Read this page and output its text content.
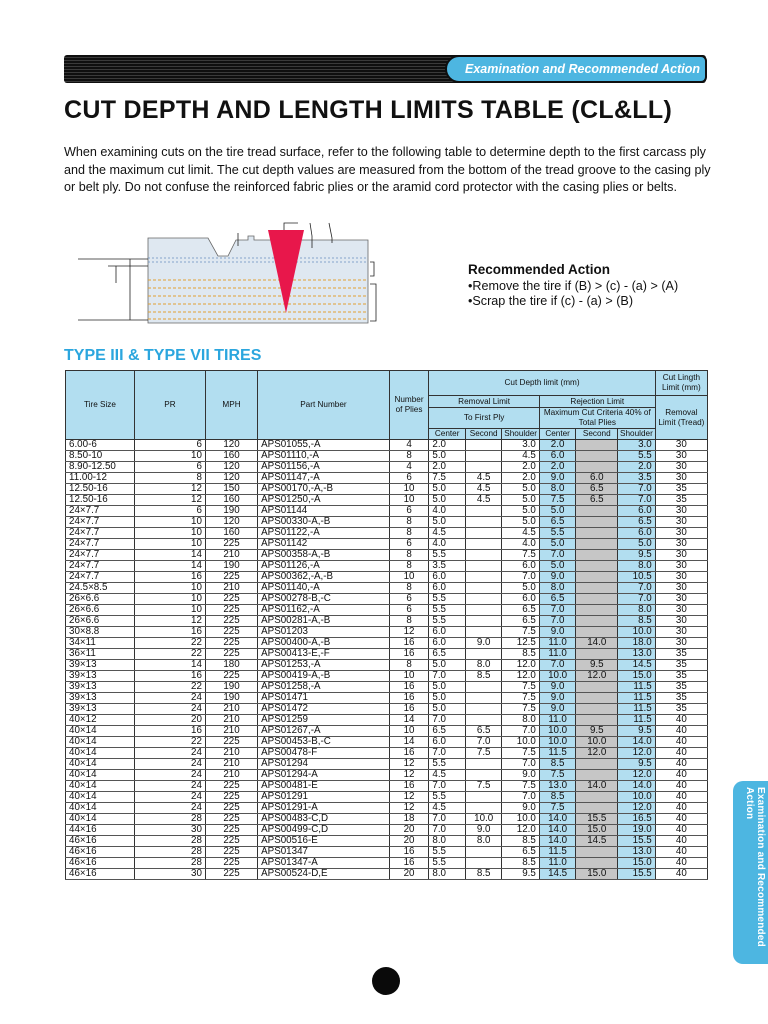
Examination and Recommended Action
CUT DEPTH AND LENGTH LIMITS TABLE (CL&LL)

When examining cuts on the tire tread surface, refer to the following table to determine depth to the first carcass ply and the maximum cut limit. The cut depth values are measured from the bottom of the tread groove to the casing ply or belt ply. Do not confuse the reinforced fabric plies or the aramid cord protector with the casing plies or belts.

Recommended Action
•Remove the tire if (B) > (c) - (a) > (A)
•Scrap the tire if (c) - (a) > (B)
TYPE III & TYPE VII TIRES
Tire Size	PR	MPH	Part Number	Number of Plies	Cut Depth limit (mm)						Cut Lingth Limit (mm)
					Removal Limit			Rejection Limit			Removal Limit (Tread)
					To First Ply			Maximum Cut Criteria 40% of Total Plies			
					Center	Second	Shoulder	Center	Second	Shoulder	
6.00-6	6	120	APS01055,-A	4	2.0		3.0	2.0		3.0	30
8.50-10	10	160	APS01110,-A	8	5.0		4.5	6.0		5.5	30
8.90-12.50	6	120	APS01156,-A	4	2.0		2.0	2.0		2.0	30
11.00-12	8	120	APS01147,-A	6	7.5	4.5	2.0	9.0	6.0	3.5	30
12.50-16	12	150	APS00170,-A,-B	10	5.0	4.5	5.0	8.0	6.5	7.0	35
12.50-16	12	160	APS01250,-A	10	5.0	4.5	5.0	7.5	6.5	7.0	35
24×7.7	6	190	APS01144	6	4.0		5.0	5.0		6.0	30
24×7.7	10	120	APS00330-A,-B	8	5.0		5.0	6.5		6.5	30
24×7.7	10	160	APS01122,-A	8	4.5		4.5	5.5		6.0	30
24×7.7	10	225	APS01142	6	4.0		4.0	5.0		5.0	30
24×7.7	14	210	APS00358-A,-B	8	5.5		7.5	7.0		9.5	30
24×7.7	14	190	APS01126,-A	8	3.5		6.0	5.0		8.0	30
24×7.7	16	225	APS00362,-A,-B	10	6.0		7.0	9.0		10.5	30
24.5×8.5	10	210	APS01140,-A	8	6.0		5.0	8.0		7.0	30
26×6.6	10	225	APS00278-B,-C	6	5.5		6.0	6.5		7.0	30
26×6.6	10	225	APS01162,-A	6	5.5		6.5	7.0		8.0	30
26×6.6	12	225	APS00281-A,-B	8	5.5		6.5	7.0		8.5	30
30×8.8	16	225	APS01203	12	6.0		7.5	9.0		10.0	30
34×11	22	225	APS00400-A,-B	16	6.0	9.0	12.5	11.0	14.0	18.0	30
36×11	22	225	APS00413-E,-F	16	6.5		8.5	11.0		13.0	35
39×13	14	180	APS01253,-A	8	5.0	8.0	12.0	7.0	9.5	14.5	35
39×13	16	225	APS00419-A,-B	10	7.0	8.5	12.0	10.0	12.0	15.0	35
39×13	22	190	APS01258,-A	16	5.0		7.5	9.0		11.5	35
39×13	24	190	APS01471	16	5.0		7.5	9.0		11.5	35
39×13	24	210	APS01472	16	5.0		7.5	9.0		11.5	35
40×12	20	210	APS01259	14	7.0		8.0	11.0		11.5	40
40×14	16	210	APS01267,-A	10	6.5	6.5	7.0	10.0	9.5	9.5	40
40×14	22	225	APS00453-B,-C	14	6.0	7.0	10.0	10.0	10.0	14.0	40
40×14	24	210	APS00478-F	16	7.0	7.5	7.5	11.5	12.0	12.0	40
40×14	24	210	APS01294	12	5.5		7.0	8.5		9.5	40
40×14	24	210	APS01294-A	12	4.5		9.0	7.5		12.0	40
40×14	24	225	APS00481-E	16	7.0	7.5	7.5	13.0	14.0	14.0	40
40×14	24	225	APS01291	12	5.5		7.0	8.5		10.0	40
40×14	24	225	APS01291-A	12	4.5		9.0	7.5		12.0	40
40×14	28	225	APS00483-C,D	18	7.0	10.0	10.0	14.0	15.5	16.5	40
44×16	30	225	APS00499-C,D	20	7.0	9.0	12.0	14.0	15.0	19.0	40
46×16	28	225	APS00516-E	20	8.0	8.0	8.5	14.0	14.5	15.5	40
46×16	28	225	APS01347	16	5.5		6.5	11.5		13.0	40
46×16	28	225	APS01347-A	16	5.5		8.5	11.0		15.0	40
46×16	30	225	APS00524-D,E	20	8.0	8.5	9.5	14.5	15.0	15.5	40	Examination and Recommended Action
